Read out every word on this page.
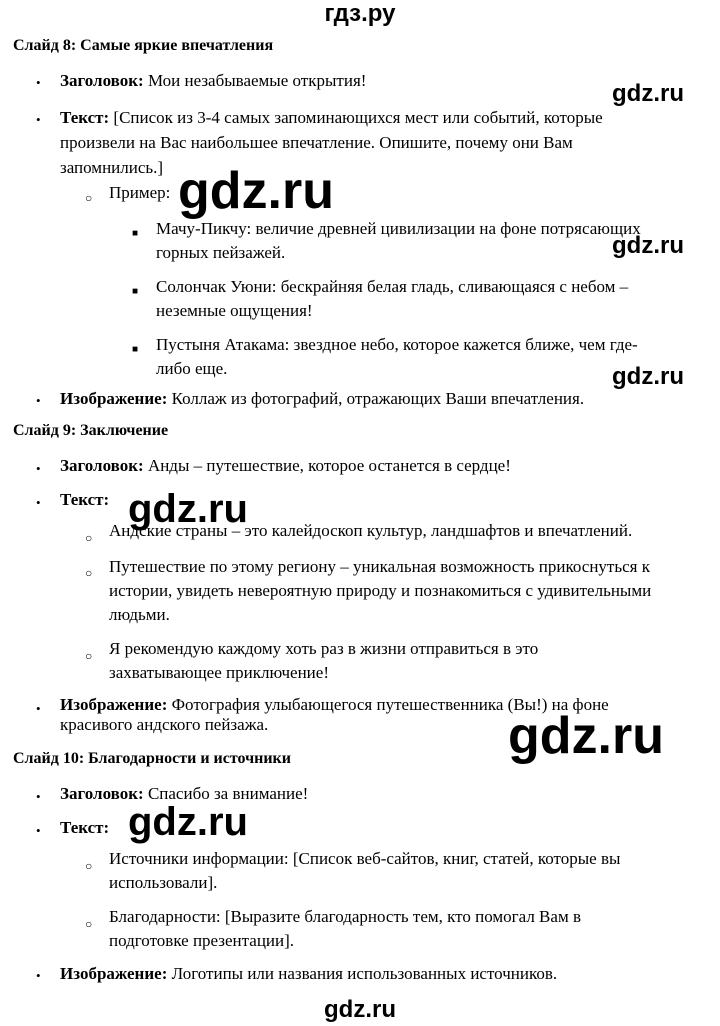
гдз.ру
Слайд 8: Самые яркие впечатления
• Заголовок: Мои незабываемые открытия!
• Текст: [Список из 3-4 самых запоминающихся мест или событий, которые
произвели на Вас наибольшее впечатление. Опишите, почему они Вам
запомнились.]
○ Пример:
■ Мачу-Пикчу: величие древней цивилизации на фоне потрясающих
горных пейзажей.
■ Солончак Уюни: бескрайняя белая гладь, сливающаяся с небом –
неземные ощущения!
■ Пустыня Атакама: звездное небо, которое кажется ближе, чем где-
либо еще.
• Изображение: Коллаж из фотографий, отражающих Ваши впечатления.
Слайд 9: Заключение
• Заголовок: Анды – путешествие, которое останется в сердце!
• Текст:
○ Андские страны – это калейдоскоп культур, ландшафтов и впечатлений.
○ Путешествие по этому региону – уникальная возможность прикоснуться к
истории, увидеть невероятную природу и познакомиться с удивительными
людьми.
○ Я рекомендую каждому хоть раз в жизни отправиться в это
захватывающее приключение!
• Изображение: Фотография улыбающегося путешественника (Вы!) на фоне
красивого андского пейзажа.
Слайд 10: Благодарности и источники
• Заголовок: Спасибо за внимание!
• Текст:
○ Источники информации: [Список веб-сайтов, книг, статей, которые вы
использовали].
○ Благодарности: [Выразите благодарность тем, кто помогал Вам в
подготовке презентации].
• Изображение: Логотипы или названия использованных источников.
gdz.ru
gdz.ru
gdz.ru
gdz.ru
gdz.ru
gdz.ru
gdz.ru
gdz.ru
